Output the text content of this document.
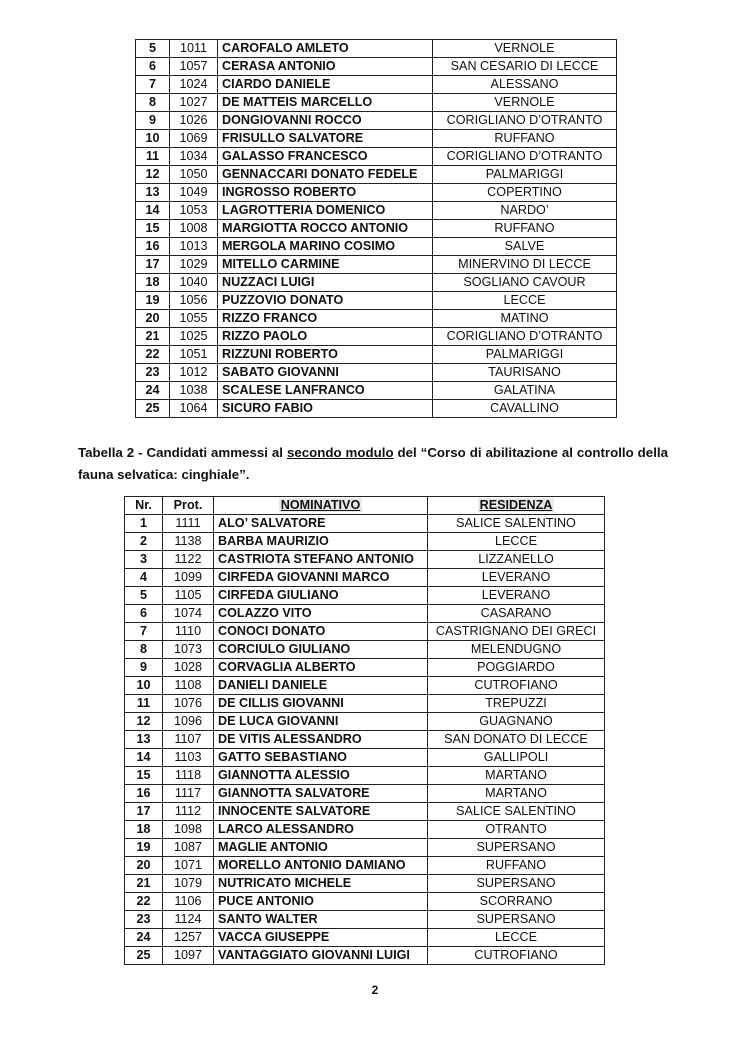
5	1011	CAROFALO AMLETO	VERNOLE
6	1057	CERASA ANTONIO	SAN CESARIO DI LECCE
7	1024	CIARDO DANIELE	ALESSANO
8	1027	DE MATTEIS MARCELLO	VERNOLE
9	1026	DONGIOVANNI ROCCO	CORIGLIANO D’OTRANTO
10	1069	FRISULLO SALVATORE	RUFFANO
11	1034	GALASSO FRANCESCO	CORIGLIANO D’OTRANTO
12	1050	GENNACCARI DONATO FEDELE	PALMARIGGI
13	1049	INGROSSO ROBERTO	COPERTINO
14	1053	LAGROTTERIA DOMENICO	NARDO’
15	1008	MARGIOTTA ROCCO ANTONIO	RUFFANO
16	1013	MERGOLA MARINO COSIMO	SALVE
17	1029	MITELLO CARMINE	MINERVINO DI LECCE
18	1040	NUZZACI LUIGI	SOGLIANO CAVOUR
19	1056	PUZZOVIO DONATO	LECCE
20	1055	RIZZO FRANCO	MATINO
21	1025	RIZZO PAOLO	CORIGLIANO D’OTRANTO
22	1051	RIZZUNI ROBERTO	PALMARIGGI
23	1012	SABATO GIOVANNI	TAURISANO
24	1038	SCALESE LANFRANCO	GALATINA
25	1064	SICURO FABIO	CAVALLINO
Tabella 2 - Candidati ammessi al secondo modulo del “Corso di abilitazione al controllo della fauna selvatica: cinghiale”.
Nr.	Prot.	NOMINATIVO	RESIDENZA
1	1111	ALO’ SALVATORE	SALICE SALENTINO
2	1138	BARBA MAURIZIO	LECCE
3	1122	CASTRIOTA STEFANO ANTONIO	LIZZANELLO
4	1099	CIRFEDA GIOVANNI MARCO	LEVERANO
5	1105	CIRFEDA GIULIANO	LEVERANO
6	1074	COLAZZO VITO	CASARANO
7	1110	CONOCI DONATO	CASTRIGNANO DEI GRECI
8	1073	CORCIULO GIULIANO	MELENDUGNO
9	1028	CORVAGLIA ALBERTO	POGGIARDO
10	1108	DANIELI DANIELE	CUTROFIANO
11	1076	DE CILLIS GIOVANNI	TREPUZZI
12	1096	DE LUCA GIOVANNI	GUAGNANO
13	1107	DE VITIS ALESSANDRO	SAN DONATO DI LECCE
14	1103	GATTO SEBASTIANO	GALLIPOLI
15	1118	GIANNOTTA ALESSIO	MARTANO
16	1117	GIANNOTTA SALVATORE	MARTANO
17	1112	INNOCENTE SALVATORE	SALICE SALENTINO
18	1098	LARCO ALESSANDRO	OTRANTO
19	1087	MAGLIE ANTONIO	SUPERSANO
20	1071	MORELLO ANTONIO DAMIANO	RUFFANO
21	1079	NUTRICATO MICHELE	SUPERSANO
22	1106	PUCE ANTONIO	SCORRANO
23	1124	SANTO WALTER	SUPERSANO
24	1257	VACCA GIUSEPPE	LECCE
25	1097	VANTAGGIATO GIOVANNI LUIGI	CUTROFIANO
2
